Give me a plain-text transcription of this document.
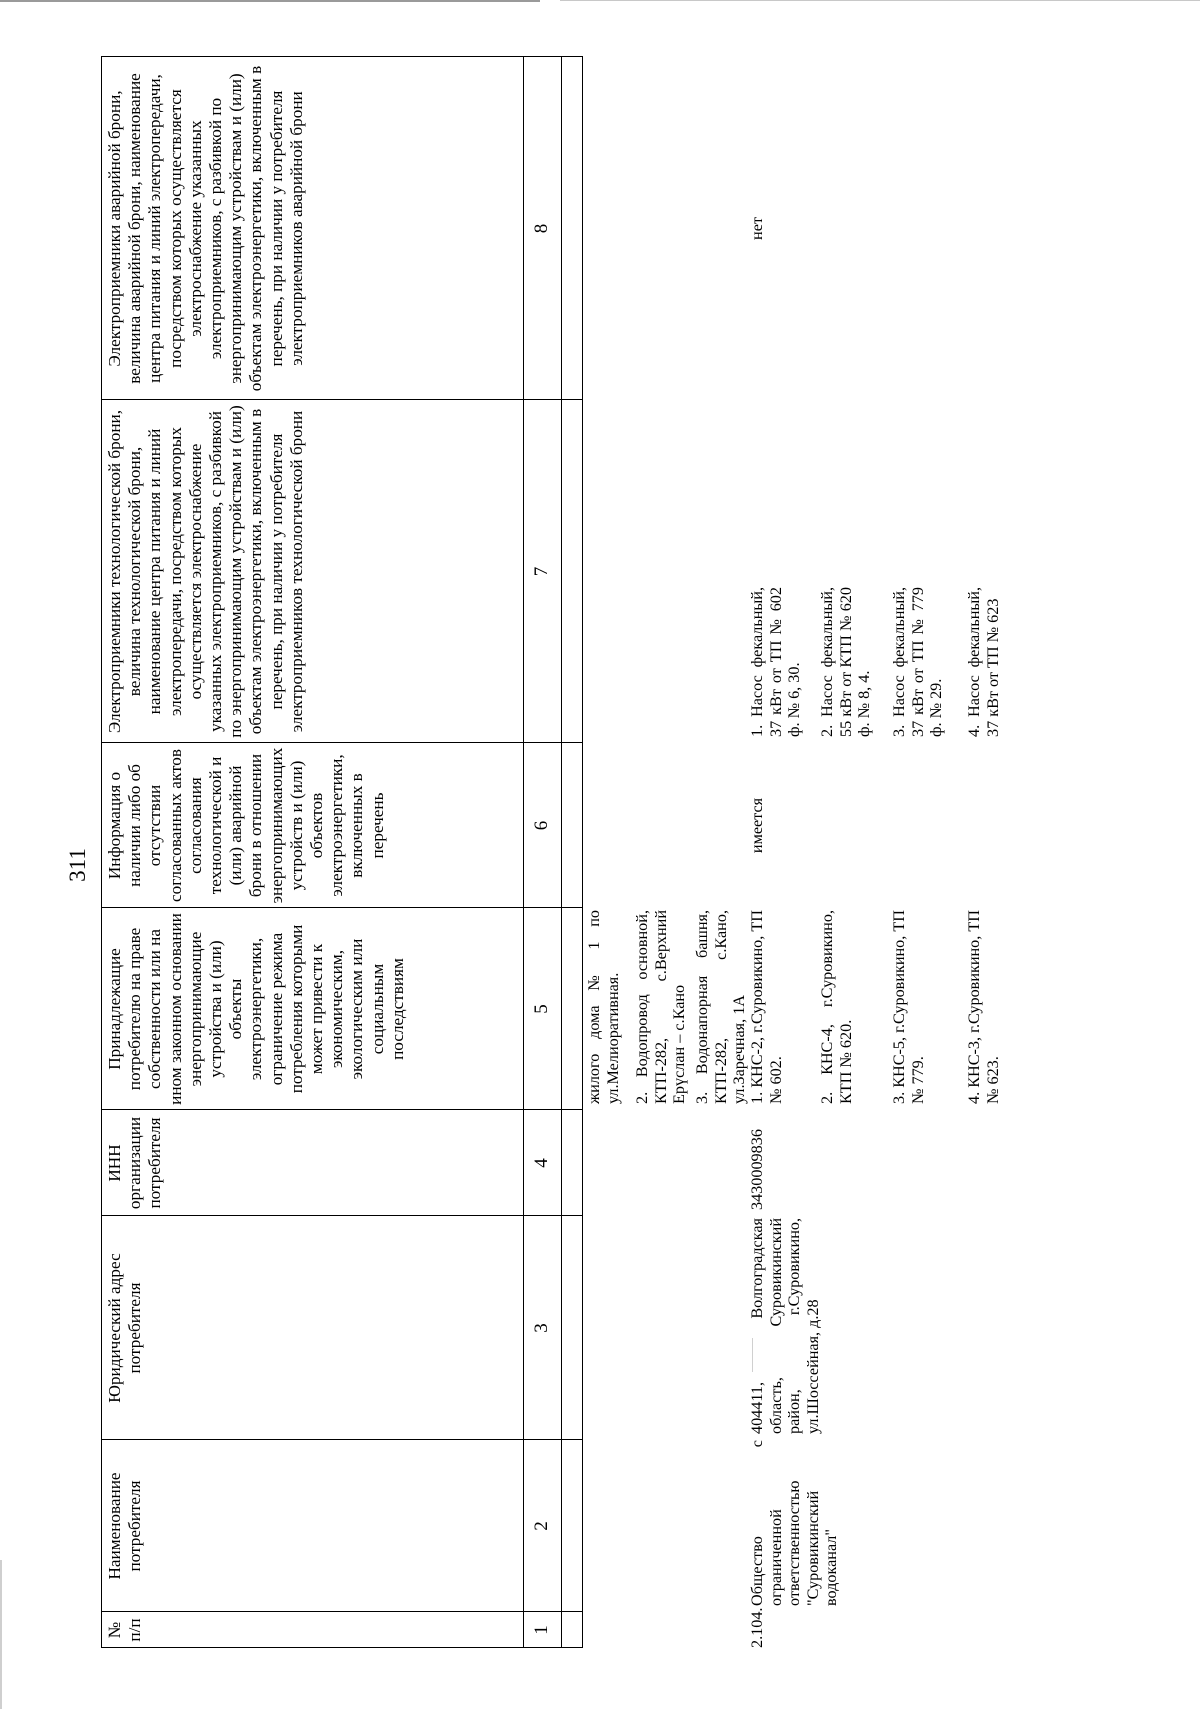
311
№ п/п
Наименование потребителя
Юридический адрес потребителя
ИНН организации потребителя
Принадлежащие потребителю на праве собственности или на ином законном основании энергопринимающие устройства и (или) объекты электроэнергетики, ограничение режима потребления которыми может привести к экономическим, экологическим или социальным последствиям
Информация о наличии либо об отсутствии согласованных актов согласования технологической и (или) аварийной брони в отношении энергопринимающих устройств и (или) объектов электроэнергетики, включенных в перечень
Электроприемники технологической брони, величина технологической брони, наименование центра питания и линий электропередачи, посредством которых осуществляется электроснабжение указанных электроприемников, с разбивкой по энергопринимающим устройствам и (или) объектам электроэнергетики, включенным в перечень, при наличии у потребителя электроприемников технологической брони
Электроприемники аварийной брони, величина аварийной брони, наименование центра питания и линий электропередачи, посредством которых осуществляется электроснабжение указанных электроприемников, с разбивкой по энергопринимающим устройствам и (или) объектам электроэнергетики, включенным в перечень, при наличии у потребителя электроприемников аварийной брони
1
2
3
4
5
6
7
8
жилого дома № 1 по ул.Мелиоративная. 2. Водопровод основной, КТП-282, с.Верхний Ерүслан – с.Кано 3. Водонапорная башня, КТП-282, с.Кано, ул.Заречная, 1А
2.104.
Общество с ограниченной ответственностью "Суровикинский водоканал"
404411, Волгоградская область, Суровикинский район, г.Суровикино, ул.Шоссейная, д.28
3430009836
1. КНС-2, г.Суровикино, ТП № 602. 2. КНС-4, г.Суровикино, КТП № 620. 3. КНС-5, г.Суровикино, ТП № 779. 4. КНС-3, г.Суровикино, ТП № 623.
имеется
1. Насос фекальный, 37 кВт от ТП № 602 ф. № 6, 30. 2. Насос фекальный, 55 кВт от КТП № 620 ф. № 8, 4. 3. Насос фекальный, 37 кВт от ТП № 779 ф. № 29. 4. Насос фекальный, 37 кВт от ТП № 623
нет
